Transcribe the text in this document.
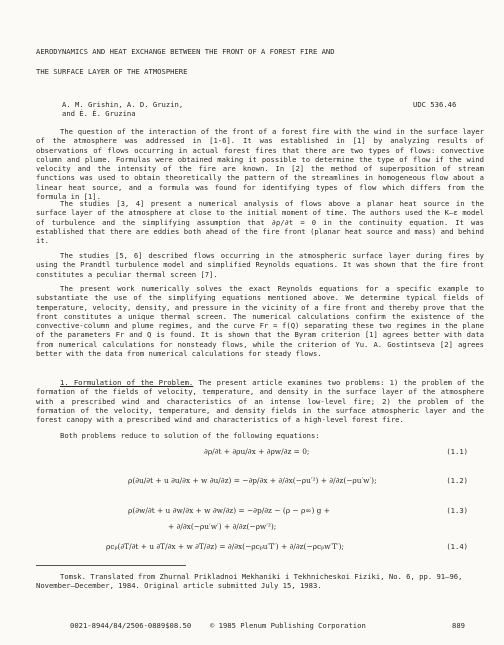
AERODYNAMICS AND HEAT EXCHANGE BETWEEN THE FRONT OF A FOREST FIRE AND
THE SURFACE LAYER OF THE ATMOSPHERE
A. M. Grishin, A. D. Gruzin,
and É. É. Gruzina
UDC 536.46

The question of the interaction of the front of a forest fire with the wind in the surface layer of the atmosphere was addressed in [1-6]. It was established in [1] by analyzing results of observations of flows occurring in actual forest fires that there are two types of flows: convective column and plume. Formulas were obtained making it possible to determine the type of flow if the wind velocity and the intensity of the fire are known. In [2] the method of superposition of stream functions was used to obtain theoretically the pattern of the streamlines in homogeneous flow about a linear heat source, and a formula was found for identifying types of flow which differs from the formula in [1].

The studies [3, 4] present a numerical analysis of flows above a planar heat source in the surface layer of the atmosphere at close to the initial moment of time. The authors used the K–ε model of turbulence and the simplifying assumption that ∂ρ/∂t = 0 in the continuity equation. It was established that there are eddies both ahead of the fire front (planar heat source and mass) and behind it.

The studies [5, 6] described flows occurring in the atmospheric surface layer during fires by using the Prandtl turbulence model and simplified Reynolds equations. It was shown that the fire front constitutes a peculiar thermal screen [7].

The present work numerically solves the exact Reynolds equations for a specific example to substantiate the use of the simplifying equations mentioned above. We determine typical fields of temperature, velocity, density, and pressure in the vicinity of a fire front and thereby prove that the front constitutes a unique thermal screen. The numerical calculations confirm the existence of the convective-column and plume regimes, and the curve Fr = f(Q) separating these two regimes in the plane of the parameters Fr and Q is found. It is shown that the Byram criterion [1] agrees better with data from numerical calculations for nonsteady flows, while the criterion of Yu. A. Gostintseva [2] agrees better with the data from numerical calculations for steady flows.

1. Formulation of the Problem. The present article examines two problems: 1) the problem of the formation of the fields of velocity, temperature, and density in the surface layer of the atmosphere with a prescribed wind and characteristics of an intense low-level fire; 2) the problem of the formation of the velocity, temperature, and density fields in the surface atmospheric layer and the forest canopy with a prescribed wind and characteristics of a high-level forest fire.

Both problems reduce to solution of the following equations:

∂ρ/∂t + ∂ρu/∂x + ∂ρw/∂z = 0;	(1.1)
ρ(∂u/∂t + u ∂u/∂x + w ∂u/∂z) = −∂p/∂x + ∂/∂x(−ρu′²) + ∂/∂z(−ρu′w′);	(1.2)
ρ(∂w/∂t + u ∂w/∂x + w ∂w/∂z) = −∂p/∂z − (ρ − ρ∞) g +	(1.3)
+ ∂/∂x(−ρu′w′) + ∂/∂z(−ρw′²);
ρcₚ(∂T/∂t + u ∂T/∂x + w ∂T/∂z) = ∂/∂x(−ρcₚu′T′) + ∂/∂z(−ρcₚw′T′);	(1.4)

Tomsk. Translated from Zhurnal Prikladnoi Mekhaniki i Tekhnicheskoi Fiziki, No. 6, pp. 91–96, November–December, 1984. Original article submitted July 15, 1983.

0021-8944/84/2506-0889$08.50	© 1985 Plenum Publishing Corporation	889
